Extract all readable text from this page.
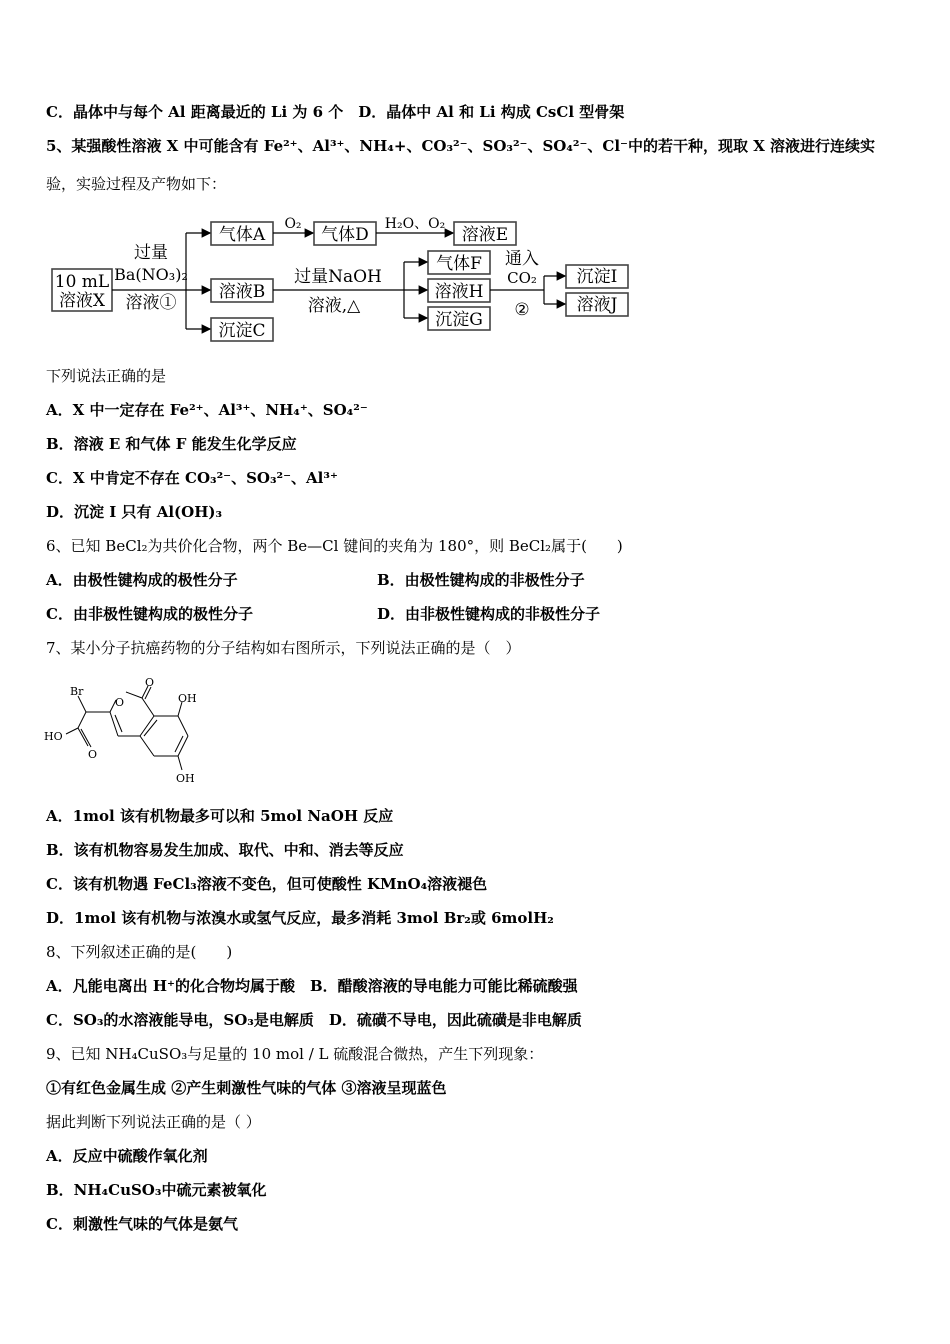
C．晶体中与每个 Al 距离最近的 Li 为 6 个　D．晶体中 Al 和 Li 构成 CsCl 型骨架
5、某强酸性溶液 X 中可能含有 Fe²⁺、Al³⁺、NH₄+、CO₃²⁻、SO₃²⁻、SO₄²⁻、Cl⁻中的若干种，现取 X 溶液进行连续实
验，实验过程及产物如下：
10 mL
溶液X
过量
Ba(NO₃)₂
溶液①
气体A
O₂
气体D
H₂O、O₂
溶液E
溶液B
沉淀C
过量NaOH
溶液,△
气体F
溶液H
沉淀G
通入
CO₂
②
沉淀I
溶液J
下列说法正确的是
A．X 中一定存在 Fe²⁺、Al³⁺、NH₄⁺、SO₄²⁻
B．溶液 E 和气体 F 能发生化学反应
C．X 中肯定不存在 CO₃²⁻、SO₃²⁻、Al³⁺
D．沉淀 I 只有 Al(OH)₃
6、已知 BeCl₂为共价化合物，两个 Be—Cl 键间的夹角为 180°，则 BeCl₂属于(　　)
A．由极性键构成的极性分子	B．由极性键构成的非极性分子
C．由非极性键构成的极性分子	D．由非极性键构成的非极性分子
7、某小分子抗癌药物的分子结构如右图所示，下列说法正确的是（　）
Br
O
O
OH
HO
O
OH
A．1mol 该有机物最多可以和 5mol NaOH 反应
B．该有机物容易发生加成、取代、中和、消去等反应
C．该有机物遇 FeCl₃溶液不变色，但可使酸性 KMnO₄溶液褪色
D．1mol 该有机物与浓溴水或氢气反应，最多消耗 3mol Br₂或 6molH₂
8、下列叙述正确的是(　　)
A．凡能电离出 H⁺的化合物均属于酸　B．醋酸溶液的导电能力可能比稀硫酸强
C．SO₃的水溶液能导电，SO₃是电解质　D．硫磺不导电，因此硫磺是非电解质
9、已知 NH₄CuSO₃与足量的 10 mol / L 硫酸混合微热，产生下列现象：
①有红色金属生成 ②产生刺激性气味的气体 ③溶液呈现蓝色
据此判断下列说法正确的是（ ）
A．反应中硫酸作氧化剂
B．NH₄CuSO₃中硫元素被氧化
C．刺激性气味的气体是氨气
